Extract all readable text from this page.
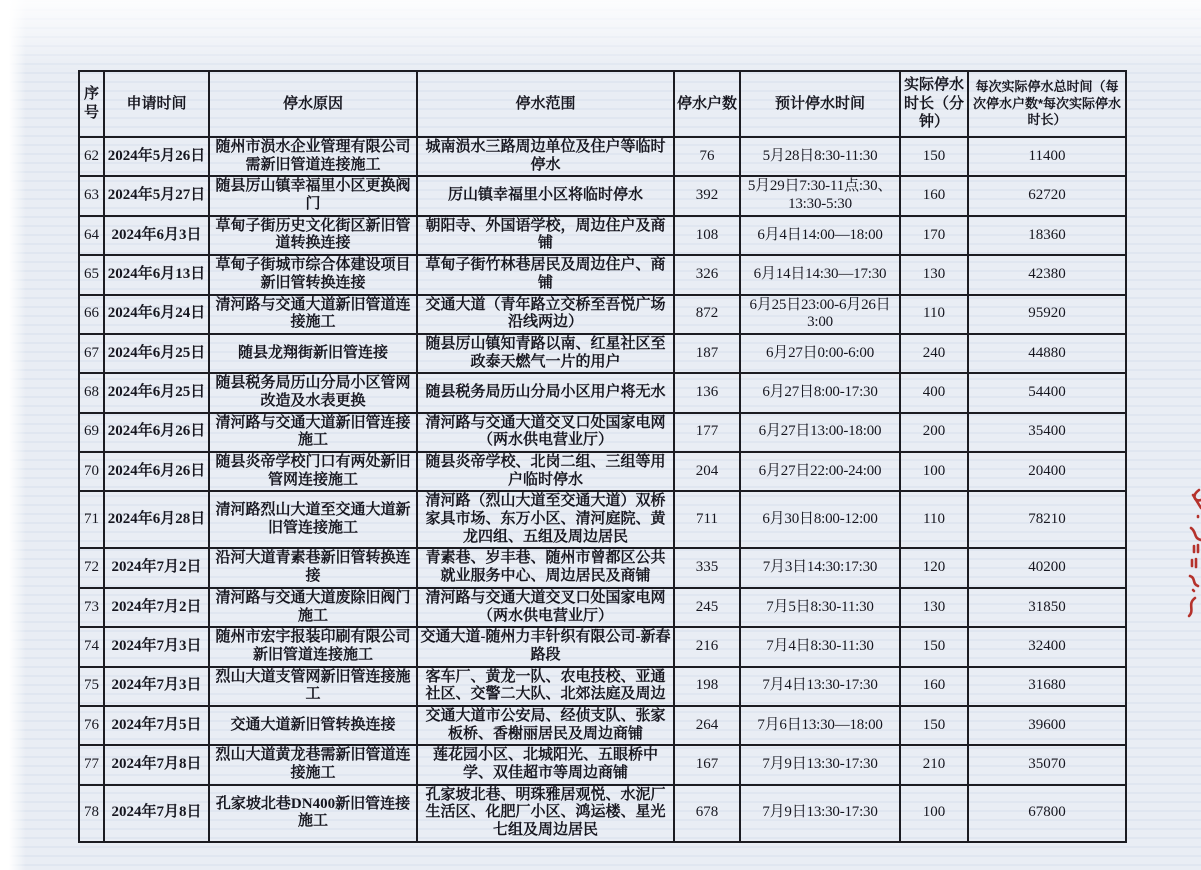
序号	申请时间	停水原因	停水范围	停水户数	预计停水时间	实际停水时长（分钟）	每次实际停水总时间（每次停水户数*每次实际停水时长）
62	2024年5月26日	随州市涢水企业管理有限公司需新旧管道连接施工	城南涢水三路周边单位及住户等临时停水	76	5月28日8:30-11:30	150	11400
63	2024年5月27日	随县厉山镇幸福里小区更换阀门	厉山镇幸福里小区将临时停水	392	5月29日7:30-11点:30、13:30-5:30	160	62720
64	2024年6月3日	草甸子街历史文化街区新旧管道转换连接	朝阳寺、外国语学校，周边住户及商铺	108	6月4日14:00—18:00	170	18360
65	2024年6月13日	草甸子街城市综合体建设项目新旧管转换连接	草甸子街竹林巷居民及周边住户、商铺	326	6月14日14:30—17:30	130	42380
66	2024年6月24日	清河路与交通大道新旧管道连接施工	交通大道（青年路立交桥至吾悦广场沿线两边）	872	6月25日23:00-6月26日3:00	110	95920
67	2024年6月25日	随县龙翔街新旧管连接	随县厉山镇知青路以南、红星社区至政泰天燃气一片的用户	187	6月27日0:00-6:00	240	44880
68	2024年6月25日	随县税务局历山分局小区管网改造及水表更换	随县税务局历山分局小区用户将无水	136	6月27日8:00-17:30	400	54400
69	2024年6月26日	清河路与交通大道新旧管连接施工	清河路与交通大道交叉口处国家电网（两水供电营业厅）	177	6月27日13:00-18:00	200	35400
70	2024年6月26日	随县炎帝学校门口有两处新旧管网连接施工	随县炎帝学校、北岗二组、三组等用户临时停水	204	6月27日22:00-24:00	100	20400
71	2024年6月28日	清河路烈山大道至交通大道新旧管连接施工	清河路（烈山大道至交通大道）双桥家具市场、东万小区、清河庭院、黄龙四组、五组及周边居民	711	6月30日8:00-12:00	110	78210
72	2024年7月2日	沿河大道青素巷新旧管转换连接	青素巷、岁丰巷、随州市曾都区公共就业服务中心、周边居民及商铺	335	7月3日14:30:17:30	120	40200
73	2024年7月2日	清河路与交通大道废除旧阀门施工	清河路与交通大道交叉口处国家电网（两水供电营业厅）	245	7月5日8:30-11:30	130	31850
74	2024年7月3日	随州市宏宇报装印刷有限公司新旧管道连接施工	交通大道-随州力丰针织有限公司-新春路段	216	7月4日8:30-11:30	150	32400
75	2024年7月3日	烈山大道支管网新旧管连接施工	客车厂、黄龙一队、农电技校、亚通社区、交警二大队、北郊法庭及周边	198	7月4日13:30-17:30	160	31680
76	2024年7月5日	交通大道新旧管转换连接	交通大道市公安局、经侦支队、张家板桥、香榭丽居民及周边商铺	264	7月6日13:30—18:00	150	39600
77	2024年7月8日	烈山大道黄龙巷需新旧管道连接施工	莲花园小区、北城阳光、五眼桥中学、双佳超市等周边商铺	167	7月9日13:30-17:30	210	35070
78	2024年7月8日	孔家坡北巷DN400新旧管连接施工	孔家坡北巷、明珠雅居观悦、水泥厂生活区、化肥厂小区、鸿运楼、星光七组及周边居民	678	7月9日13:30-17:30	100	67800
